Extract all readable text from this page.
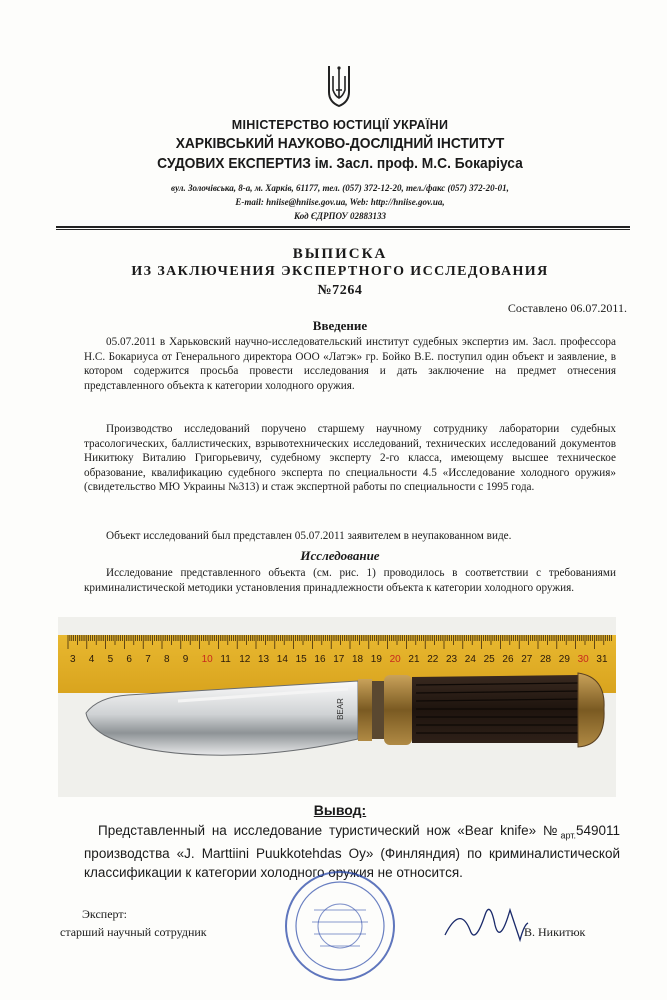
МІНІСТЕРСТВО ЮСТИЦІЇ УКРАЇНИ
ХАРКІВСЬКИЙ НАУКОВО-ДОСЛІДНИЙ ІНСТИТУТ
СУДОВИХ ЕКСПЕРТИЗ ім. Засл. проф. М.С. Бокаріуса
вул. Золочівська, 8-а, м. Харків, 61177, тел. (057) 372-12-20, тел./факс (057) 372-20-01,
E-mail: hniise@hniise.gov.ua, Web: http://hniise.gov.ua,
Код ЄДРПОУ 02883133
ВЫПИСКА
ИЗ ЗАКЛЮЧЕНИЯ ЭКСПЕРТНОГО ИССЛЕДОВАНИЯ
№7264
Составлено 06.07.2011.
Введение
05.07.2011 в Харьковский научно-исследовательский институт судебных экспертиз им. Засл. профессора Н.С. Бокариуса от Генерального директора ООО «Латэк» гр. Бойко В.Е. поступил один объект и заявление, в котором содержится просьба провести исследования и дать заключение на предмет отнесения представленного объекта к категории холодного оружия.
Производство исследований поручено старшему научному сотруднику лаборатории судебных трасологических, баллистических, взрывотехнических исследований, технических исследований документов Никитюку Виталию Григорьевичу, судебному эксперту 2-го класса, имеющему высшее техническое образование, квалификацию судебного эксперта по специальности 4.5 «Исследование холодного оружия» (свидетельство МЮ Украины №313) и стаж экспертной работы по специальности с 1995 года.
Объект исследований был представлен 05.07.2011 заявителем в неупакованном виде.
Исследование
Исследование представленного объекта (см. рис. 1) проводилось в соответствии с требованиями криминалистической методики установления принадлежности объекта к категории холодного оружия.
3 4 5 6 7 8 9 10 11 12 13 14 15 16 17 18 19 20 21 22 23 24 25 26 27 28 29 30 31
BEAR
Вывод:
Представленный на исследование туристический нож «Bear knife» $№_{арт.}549011$ производства «J. Marttiini Puukkotehdas Oy» (Финляндия) по криминалистической классификации к категории холодного оружия не относится.
Эксперт:
старший научный сотрудник	В. Никитюк
